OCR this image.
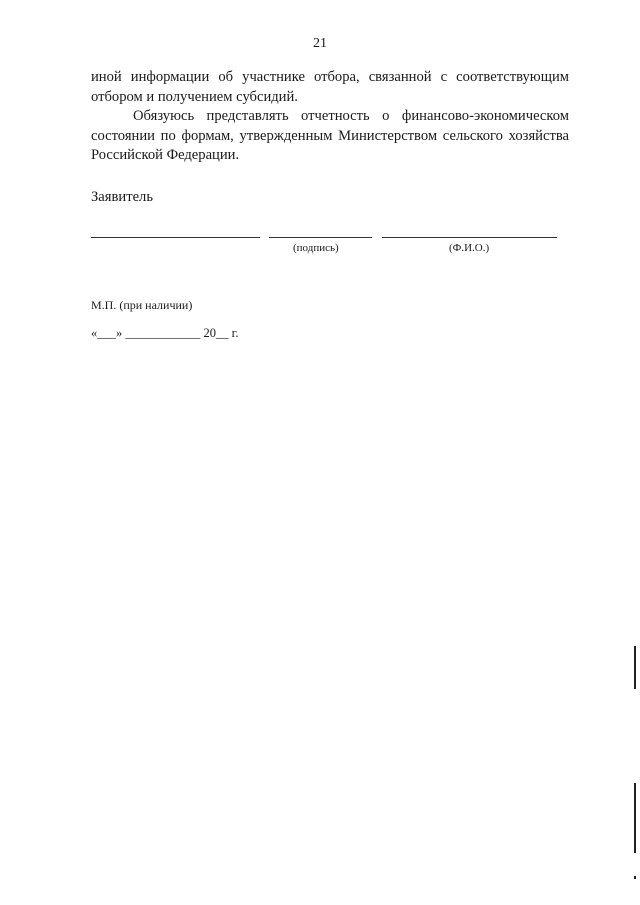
21
иной информации об участнике отбора, связанной с соответствующим отбором и получением субсидий.
Обязуюсь представлять отчетность о финансово-экономическом состоянии по формам, утвержденным Министерством сельского хозяйства Российской Федерации.
Заявитель
(подпись)	(Ф.И.О.)
М.П. (при наличии)
«___» ____________ 20__ г.
